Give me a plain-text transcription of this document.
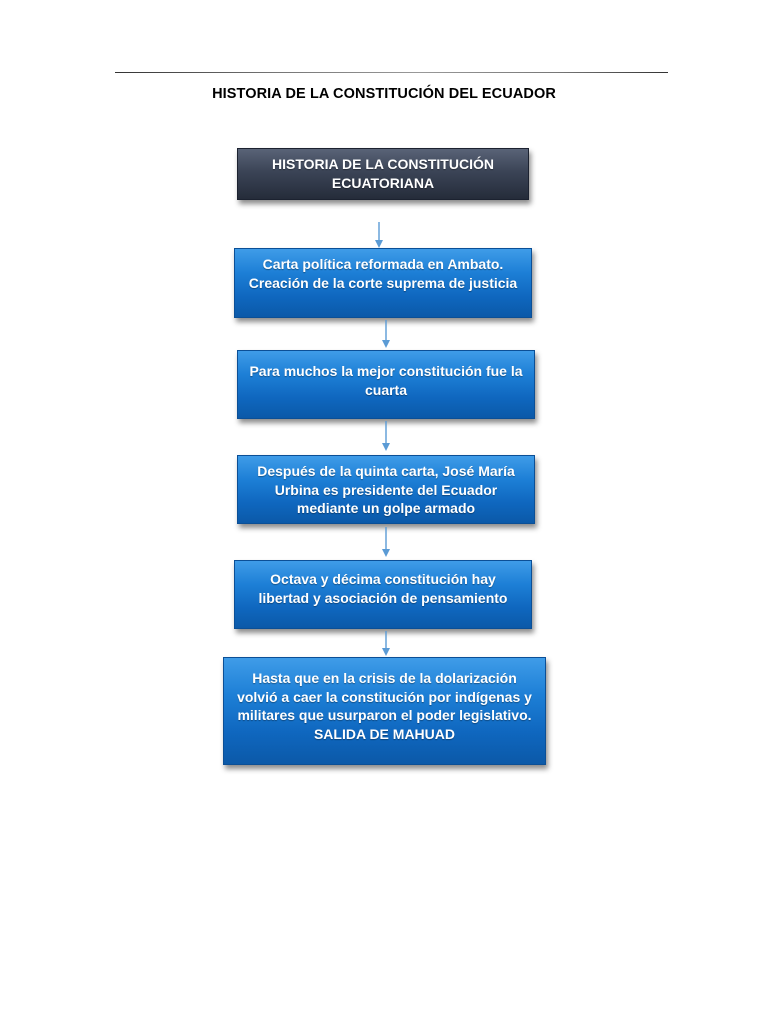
HISTORIA DE LA CONSTITUCIÓN DEL ECUADOR
HISTORIA DE LA CONSTITUCIÓN ECUATORIANA
Carta política reformada en Ambato. Creación de la corte suprema de justicia
Para muchos la mejor constitución fue la cuarta
Después de la quinta carta, José María Urbina es presidente del Ecuador mediante un golpe armado
Octava y décima constitución hay libertad y asociación de pensamiento
Hasta que en la crisis de la dolarización volvió a caer la constitución por indígenas y militares que usurparon el poder legislativo. SALIDA DE MAHUAD
